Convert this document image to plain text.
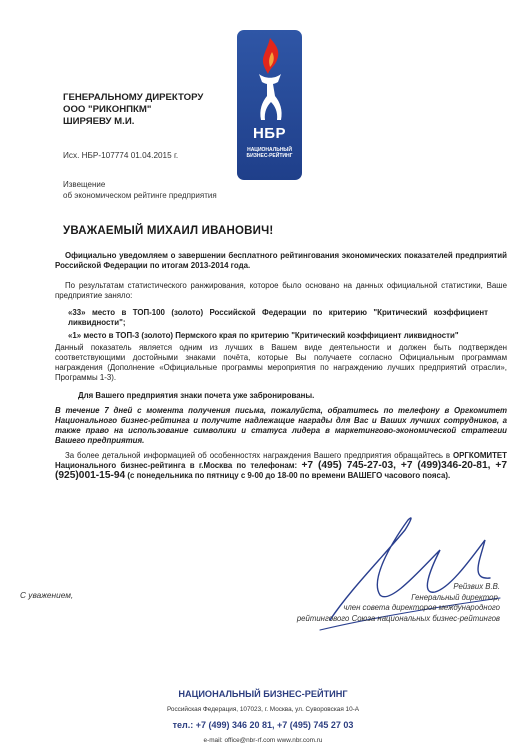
ГЕНЕРАЛЬНОМУ ДИРЕКТОРУ
ООО "РИКОНПКМ"
ШИРЯЕВУ М.И.
Исх. НБР-107774 01.04.2015 г.
Извещение
об экономическом рейтинге предприятия
НБР
НАЦИОНАЛЬНЫЙ
БИЗНЕС-РЕЙТИНГ
УВАЖАЕМЫЙ МИХАИЛ ИВАНОВИЧ!
Официально уведомляем о завершении бесплатного рейтингования экономических показателей предприятий Российской Федерации по итогам 2013-2014 года.
По результатам статистического ранжирования, которое было основано на данных официальной статистики, Ваше предприятие заняло:
«33» место в ТОП-100 (золото) Российской Федерации по критерию "Критический коэффициент ликвидности";
«1» место в ТОП-3 (золото) Пермского края по критерию "Критический коэффициент ликвидности"
Данный показатель является одним из лучших в Вашем виде деятельности и должен быть подтвержден соответствующими достойными знаками почёта, которые Вы получаете согласно Официальным программам награждения (Дополнение «Официальные программы мероприятия по награждению лучших предприятий отрасли», Программы 1-3).
Для Вашего предприятия знаки почета уже забронированы.
В течение 7 дней с момента получения письма, пожалуйста, обратитесь по телефону в Оргкомитет Национального бизнес-рейтинга и получите надлежащие награды для Вас и Ваших лучших сотрудников, а также право на использование символики и статуса лидера в маркетингово-экономической стратегии Вашего предприятия.
За более детальной информацией об особенностях награждения Вашего предприятия обращайтесь в ОРГКОМИТЕТ Национального бизнес-рейтинга в г.Москва по телефонам: +7 (495) 745-27-03, +7 (499)346-20-81, +7 (925)001-15-94 (с понедельника по пятницу с 9-00 до 18-00 по времени ВАШЕГО часового пояса).
С уважением,
Рейзвих В.В.
Генеральный директор,
член совета директоров международного
рейтингового Союза национальных бизнес-рейтингов
НАЦИОНАЛЬНЫЙ БИЗНЕС-РЕЙТИНГ
Российская Федерация, 107023, г. Москва, ул. Суворовская 10-А
тел.: +7 (499) 346 20 81, +7 (495) 745 27 03
e-mail: office@nbr-rf.com www.nbr.com.ru
